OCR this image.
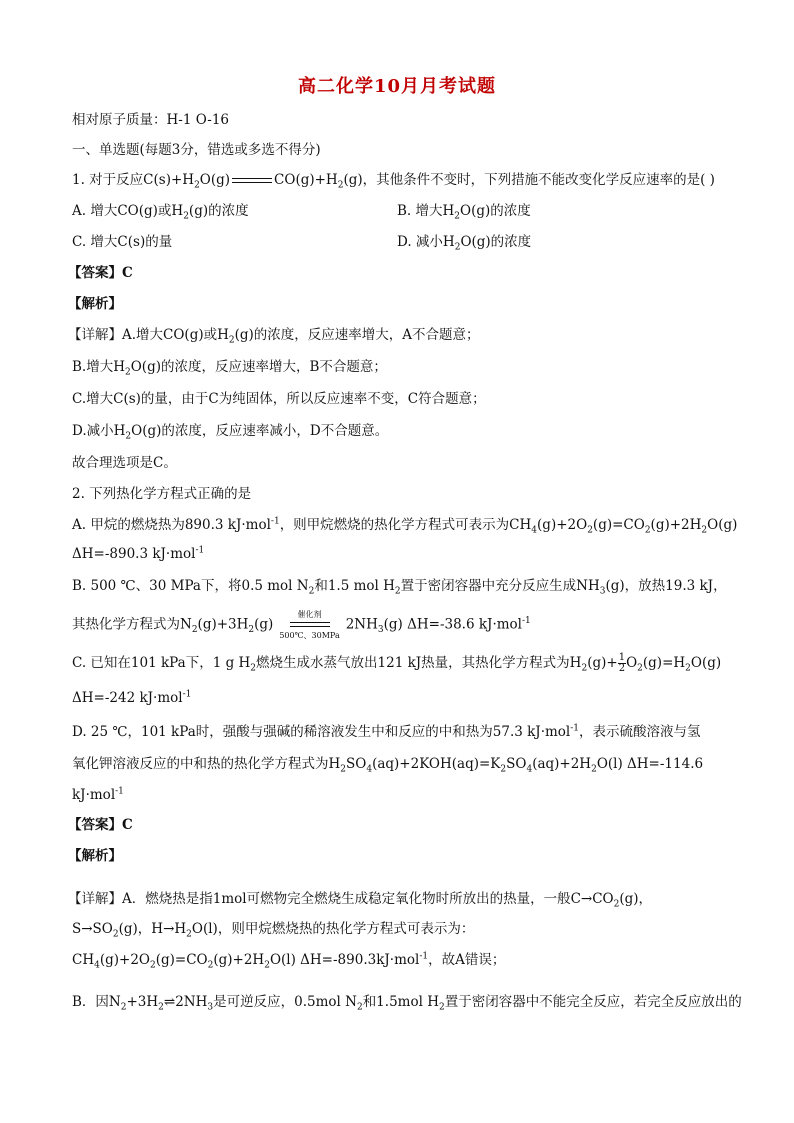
高二化学10月月考试题
相对原子质量：H-1 O-16
一、单选题(每题3分，错选或多选不得分)
1. 对于反应$C(s)+H_2O(g)$	$CO(g)+H_2(g)$，其他条件不变时，下列措施不能改变化学反应速率的是( )
A. 增大CO(g)或$H_2(g)$的浓度	B. 增大$H_2O(g)$的浓度
C. 增大C(s)的量	D. 减小$H_2O(g)$的浓度
【答案】C
【解析】
【详解】A.增大CO(g)或$H_2(g)$的浓度，反应速率增大，A不合题意；
B.增大$H_2O(g)$的浓度，反应速率增大，B不合题意；
C.增大C(s)的量，由于C为纯固体，所以反应速率不变，C符合题意；
D.减小$H_2O(g)$的浓度，反应速率减小，D不合题意。
故合理选项是C。
2. 下列热化学方程式正确的是
A. 甲烷的燃烧热为890.3 kJ·mol$^{-1}$，则甲烷燃烧的热化学方程式可表示为$CH_4(g)+2O_2(g)=CO_2(g)+2H_2O(g)$
ΔH=-890.3 kJ·mol$^{-1}$
B. 500 ℃、30 MPa下，将0.5 mol $N_2$和1.5 mol $H_2$置于密闭容器中充分反应生成$NH_3(g)$，放热19.3 kJ，
其热化学方程式为$N_2(g)+3H_2(g)$催化剂

500℃、$30MPa2NH_3(g)$ ΔH=-38.6 kJ·mol$^{-1}$
C. 已知在101 kPa下，1 g $H_2$燃烧生成水蒸气放出121 kJ热量，其热化学方程式为$H_2(g)+ \frac{1}{2} O_2(g)=H_2O(g)$
ΔH=-242 kJ·mol$^{-1}$
D. 25 ℃，101 kPa时，强酸与强碱的稀溶液发生中和反应的中和热为57.3 kJ·mol$^{-1}$，表示硫酸溶液与氢
氧化钾溶液反应的中和热的热化学方程式为$H_2SO_4(aq)+2KOH(aq)=K_2SO_4(aq)+2H_2O(l)$ ΔH=-114.6
kJ·mol$^{-1}$
【答案】C
【解析】
【详解】A．燃烧热是指1mol可燃物完全燃烧生成稳定氧化物时所放出的热量，一般$C\to CO_2(g)$，
$S\to SO_2(g)$，$H\to H_2O(l)$，则甲烷燃烧热的热化学方程式可表示为：
$CH_4(g)+2O_2(g)=CO_2(g)+2H_2O(l)$ ΔH=-890.3kJ·mol$^{-1}$，故A错误；
B．因$N_2+3H_2\rightleftharpoons 2NH_3$是可逆反应，0.5mol $N_2$和1.5mol $H_2$置于密闭容器中不能完全反应，若完全反应放出的
